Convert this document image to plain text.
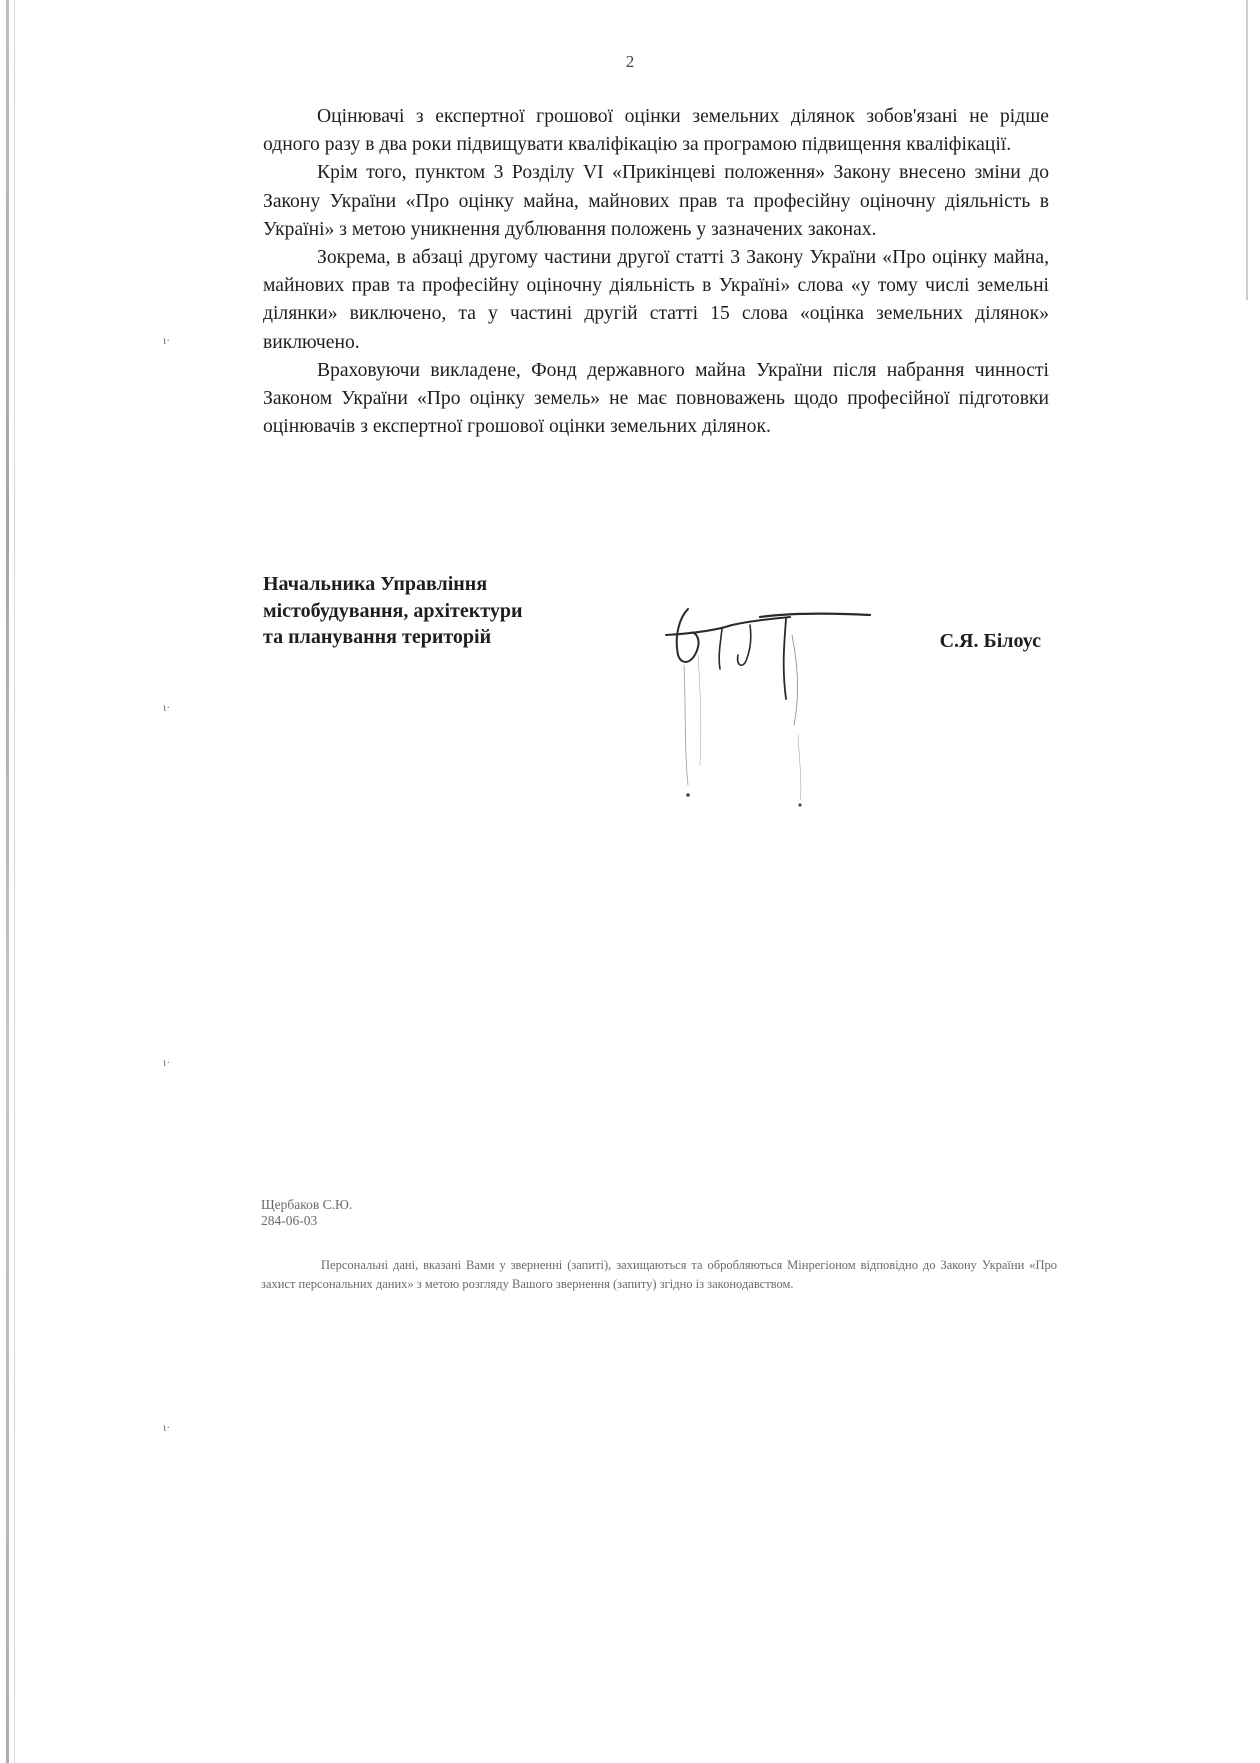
ι·
ι·
ι·
ι·
2

Оцінювачі з експертної грошової оцінки земельних ділянок зобов'язані не рідше одного разу в два роки підвищувати кваліфікацію за програмою підвищення кваліфікації.

Крім того, пунктом 3 Розділу VI «Прикінцеві положення» Закону внесено зміни до Закону України «Про оцінку майна, майнових прав та професійну оціночну діяльність в Україні» з метою уникнення дублювання положень у зазначених законах.

Зокрема, в абзаці другому частини другої статті 3 Закону України «Про оцінку майна, майнових прав та професійну оціночну діяльність в Україні» слова «у тому числі земельні ділянки» виключено, та у частині другій статті 15 слова «оцінка земельних ділянок» виключено.

Враховуючи викладене, Фонд державного майна України після набрання чинності Законом України «Про оцінку земель» не має повноважень щодо професійної підготовки оцінювачів з експертної грошової оцінки земельних ділянок.

Начальника Управління
містобудування, архітектури
та планування територій	С.Я. Білоус
Щербаков С.Ю.
284-06-03

Персональні дані, вказані Вами у зверненні (запиті), захищаються та обробляються Мінрегіоном відповідно до Закону України «Про захист персональних даних» з метою розгляду Вашого звернення (запиту) згідно із законодавством.
